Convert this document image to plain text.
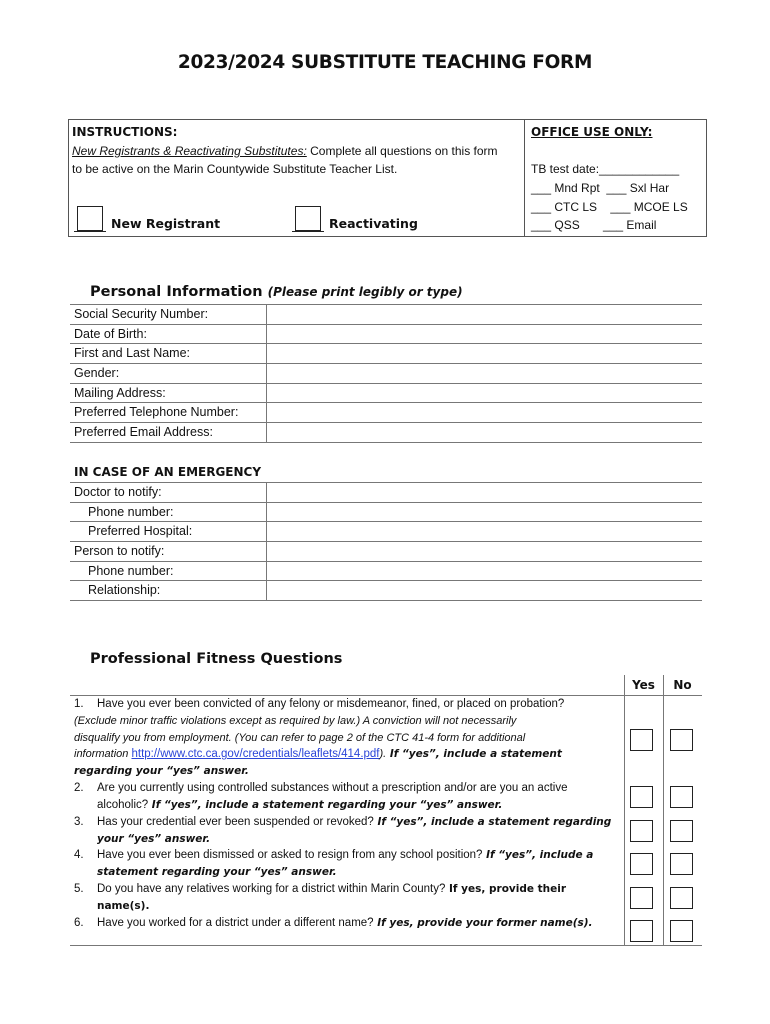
2023/2024 SUBSTITUTE TEACHING FORM
INSTRUCTIONS:
New Registrants & Reactivating Substitutes: Complete all questions on this form
to be active on the Marin Countywide Substitute Teacher List.
New Registrant	Reactivating
OFFICE USE ONLY:
TB test date:____________
___ Mnd Rpt  ___ Sxl Har
___ CTC LS    ___ MCOE LS
___ QSS       ___ Email
Personal Information (Please print legibly or type)
Social Security Number:
Date of Birth:
First and Last Name:
Gender:
Mailing Address:
Preferred Telephone Number:
Preferred Email Address:
IN CASE OF AN EMERGENCY
Doctor to notify:
Phone number:
Preferred Hospital:
Person to notify:
Phone number:
Relationship:
Professional Fitness Questions
Yes	No
1. Have you ever been convicted of any felony or misdemeanor, fined, or placed on probation?
(Exclude minor traffic violations except as required by law.) A conviction will not necessarily
disqualify you from employment. (You can refer to page 2 of the CTC 41-4 form for additional
information http://www.ctc.ca.gov/credentials/leaflets/414.pdf). If “yes”, include a statement
regarding your “yes” answer.
2. Are you currently using controlled substances without a prescription and/or are you an active
alcoholic? If “yes”, include a statement regarding your “yes” answer.
3. Has your credential ever been suspended or revoked? If “yes”, include a statement regarding
your “yes” answer.
4. Have you ever been dismissed or asked to resign from any school position? If “yes”, include a
statement regarding your “yes” answer.
5. Do you have any relatives working for a district within Marin County? If yes, provide their
name(s).
6. Have you worked for a district under a different name? If yes, provide your former name(s).
